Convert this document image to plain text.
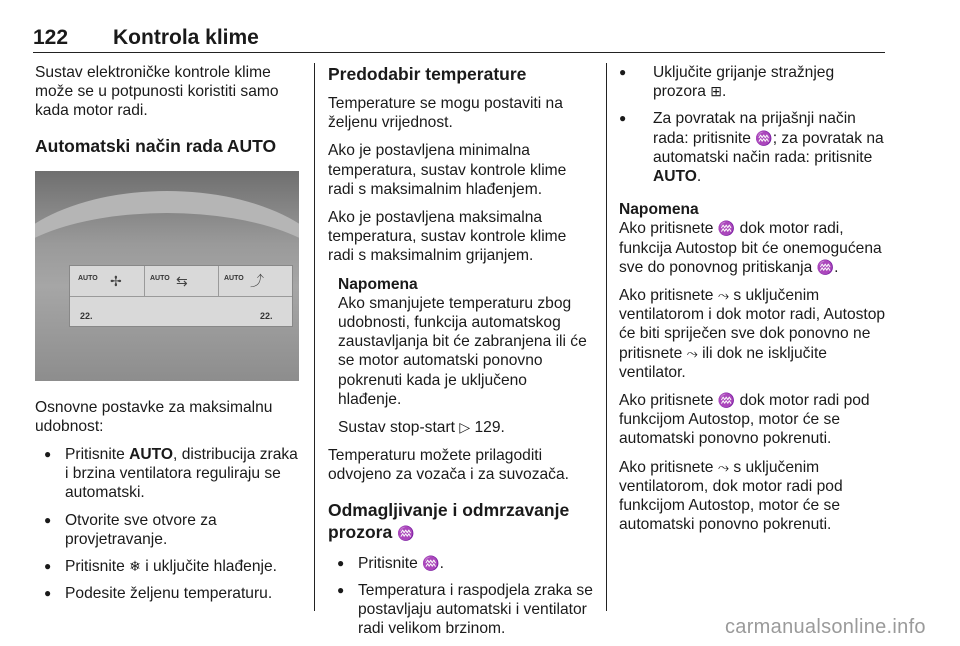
122 Kontrola klime

Sustav elektroničke kontrole klime može se u potpunosti koristiti samo kada motor radi.

Automatski način rada AUTO
AUTO	AUTO	AUTO
✢	⇆	⤴
22.	22.

Osnovne postavke za maksimalnu udobnost:

● Pritisnite AUTO, distribucija zraka i brzina ventilatora reguliraju se automatski.
● Otvorite sve otvore za provjetravanje.
● Pritisnite ❄ i uključite hlađenje.
● Podesite željenu temperaturu.
Predodabir temperature

Temperature se mogu postaviti na željenu vrijednost.

Ako je postavljena minimalna temperatura, sustav kontrole klime radi s maksimalnim hlađenjem.

Ako je postavljena maksimalna temperatura, sustav kontrole klime radi s maksimalnim grijanjem.

Napomena

Ako smanjujete temperaturu zbog udobnosti, funkcija automatskog zaustavljanja bit će zabranjena ili će se motor automatski ponovno pokrenuti kada je uključeno hlađenje.

Sustav stop-start ▷ 129.

Temperaturu možete prilagoditi odvojeno za vozača i za suvozača.

Odmagljivanje i odmrzavanje prozora ♒
● Pritisnite ♒.
● Temperatura i raspodjela zraka se postavljaju automatski i ventilator radi velikom brzinom.
● Uključite grijanje stražnjeg prozora ⊞.
● Za povratak na prijašnji način rada: pritisnite ♒; za povratak na automatski način rada: pritisnite AUTO.

Napomena

Ako pritisnete ♒ dok motor radi, funkcija Autostop bit će onemogućena sve do ponovnog pritiskanja ♒.

Ako pritisnete ⤳ s uključenim ventilatorom i dok motor radi, Autostop će biti spriječen sve dok ponovno ne pritisnete ⤳ ili dok ne isključite ventilator.

Ako pritisnete ♒ dok motor radi pod funkcijom Autostop, motor će se automatski ponovno pokrenuti.

Ako pritisnete ⤳ s uključenim ventilatorom, dok motor radi pod funkcijom Autostop, motor će se automatski ponovno pokrenuti.

carmanualsonline.info
